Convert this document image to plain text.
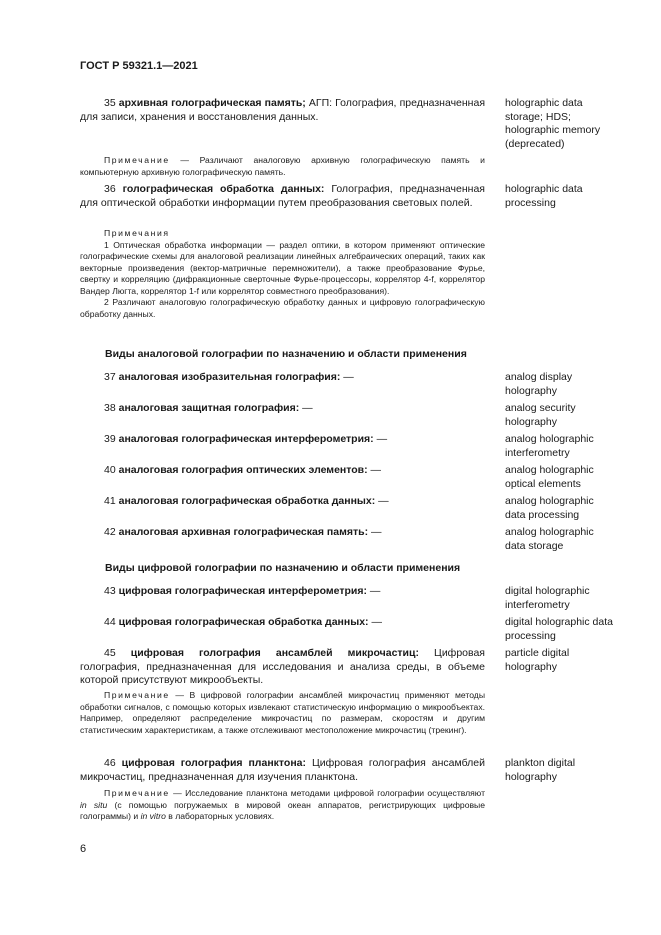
ГОСТ Р 59321.1—2021
35 архивная голографическая память; АГП: Голография, предназначенная для записи, хранения и восстановления данных.
holographic data storage; HDS; holographic memory (deprecated)

Примечание — Различают аналоговую архивную голографическую память и компьютерную архивную голографическую память.

36 голографическая обработка данных: Голография, предназначенная для оптической обработки информации путем преобразования световых полей.
holographic data processing

Примечания

1 Оптическая обработка информации — раздел оптики, в котором применяют оптические голографические схемы для аналоговой реализации линейных алгебраических операций, таких как векторные произведения (вектор-матричные перемножители), а также преобразование Фурье, свертку и корреляцию (дифракционные сверточные Фурье-процессоры, коррелятор 4-f, коррелятор Вандер Люгта, коррелятор 1-f или коррелятор совместного преобразования).

2 Различают аналоговую голографическую обработку данных и цифровую голографическую обработку данных.

Виды аналоговой голографии по назначению и области применения
37 аналоговая изобразительная голография: —	analog display holography
38 аналоговая защитная голография: —	analog security holography
39 аналоговая голографическая интерферометрия: —	analog holographic interferometry
40 аналоговая голография оптических элементов: —	analog holographic optical elements
41 аналоговая голографическая обработка данных: —	analog holographic data processing
42 аналоговая архивная голографическая память: —	analog holographic data storage
Виды цифровой голографии по назначению и области применения
43 цифровая голографическая интерферометрия: —	digital holographic interferometry
44 цифровая голографическая обработка данных: —	digital holographic data processing
45 цифровая голография ансамблей микрочастиц: Цифровая голография, предназначенная для исследования и анализа среды, в объеме которой присутствуют микрообъекты.
particle digital holography

Примечание — В цифровой голографии ансамблей микрочастиц применяют методы обработки сигналов, с помощью которых извлекают статистическую информацию о микрообъектах. Например, определяют распределение микрочастиц по размерам, скоростям и другим статистическим характеристикам, а также отслеживают местоположение микрочастиц (трекинг).

46 цифровая голография планктона: Цифровая голография ансамблей микрочастиц, предназначенная для изучения планктона.
plankton digital holography

Примечание — Исследование планктона методами цифровой голографии осуществляют in situ (с помощью погружаемых в мировой океан аппаратов, регистрирующих цифровые голограммы) и in vitro в лабораторных условиях.

6
